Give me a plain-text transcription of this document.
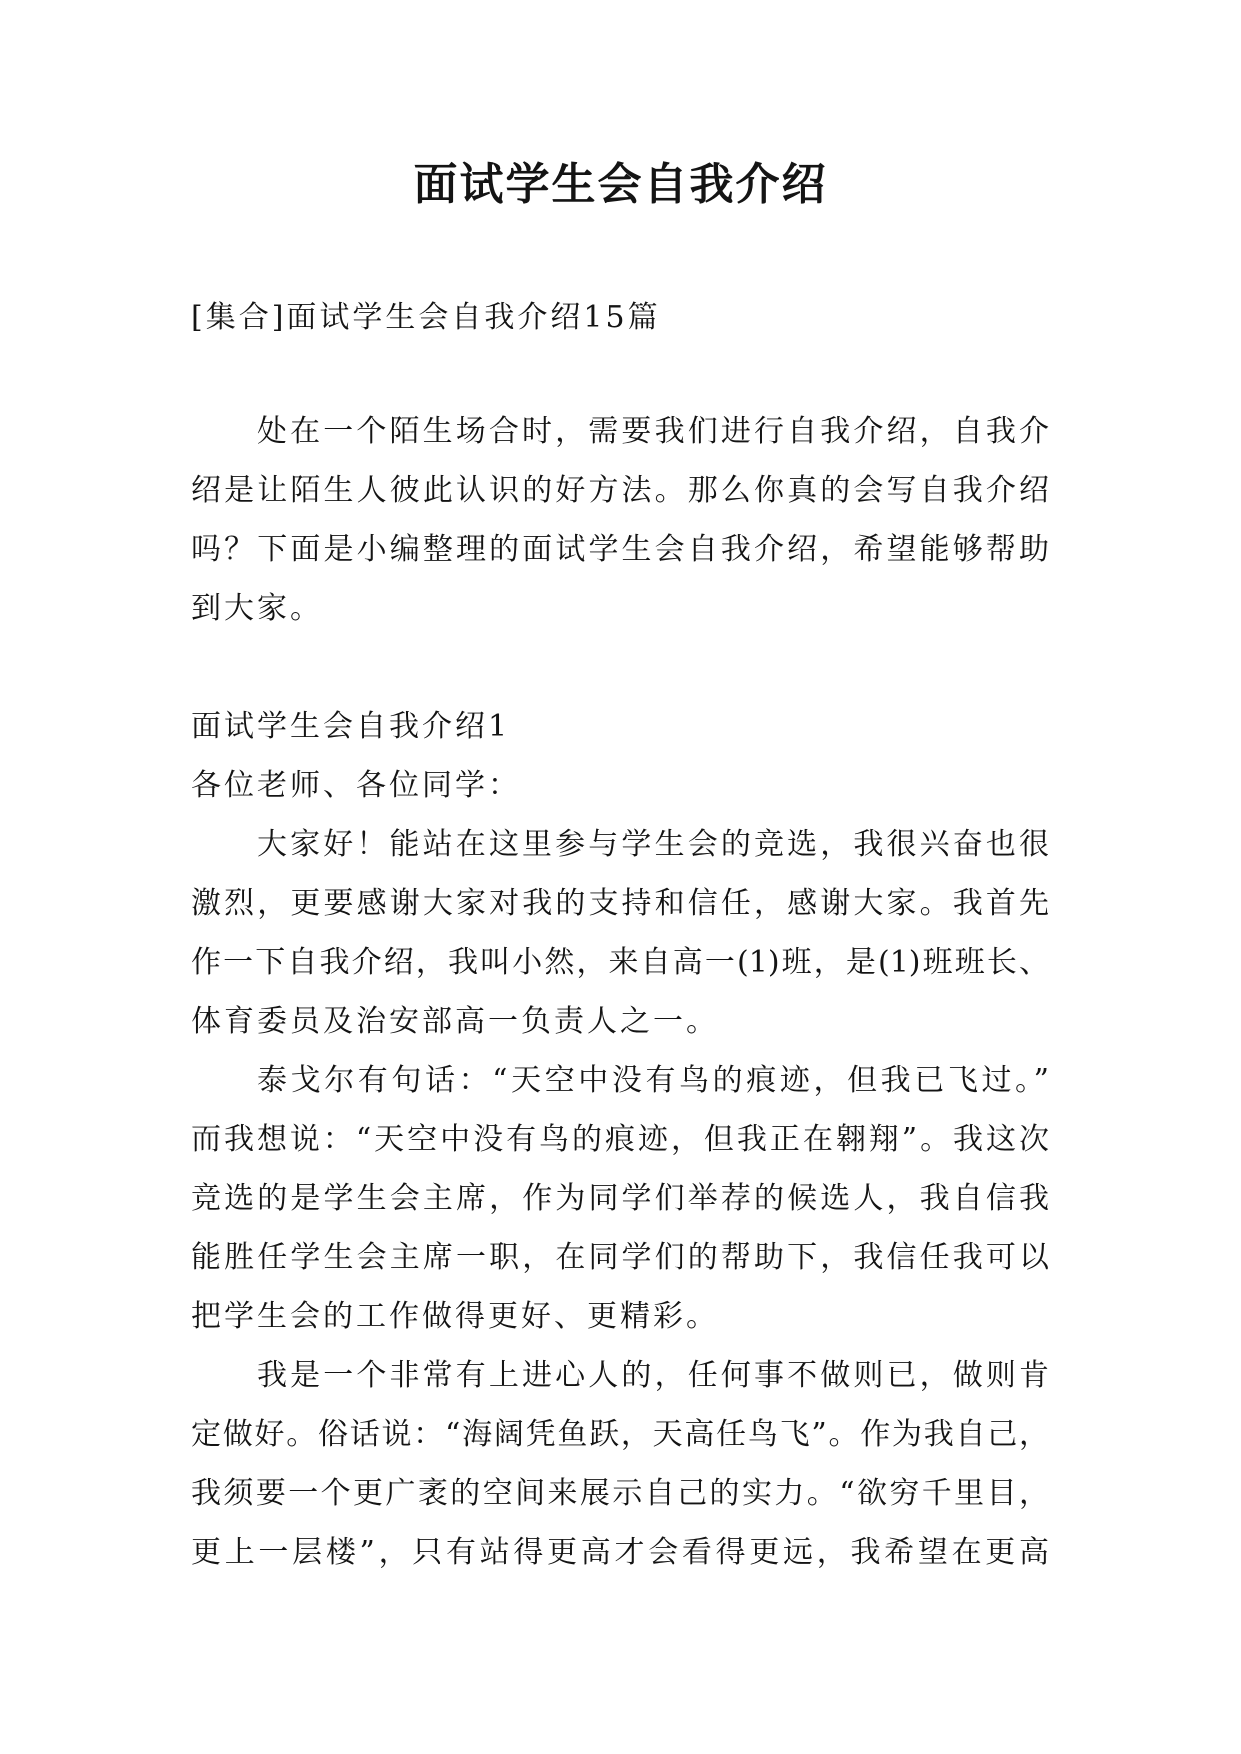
面试学生会自我介绍
[集合]面试学生会自我介绍15篇
处在一个陌生场合时，需要我们进行自我介绍，自我介
绍是让陌生人彼此认识的好方法。那么你真的会写自我介绍
吗？下面是小编整理的面试学生会自我介绍，希望能够帮助
到大家。
面试学生会自我介绍1
各位老师、各位同学：
大家好！能站在这里参与学生会的竞选，我很兴奋也很
激烈，更要感谢大家对我的支持和信任，感谢大家。我首先
作一下自我介绍，我叫小然，来自高一(1)班，是(1)班班长、
体育委员及治安部高一负责人之一。
泰戈尔有句话：“天空中没有鸟的痕迹，但我已飞过。”
而我想说：“天空中没有鸟的痕迹，但我正在翱翔”。我这次
竞选的是学生会主席，作为同学们举荐的候选人，我自信我
能胜任学生会主席一职，在同学们的帮助下，我信任我可以
把学生会的工作做得更好、更精彩。
我是一个非常有上进心人的，任何事不做则已，做则肯
定做好。俗话说：“海阔凭鱼跃，天高任鸟飞”。作为我自己，
我须要一个更广袤的空间来展示自己的实力。“欲穷千里目，
更上一层楼”，只有站得更高才会看得更远，我希望在更高
